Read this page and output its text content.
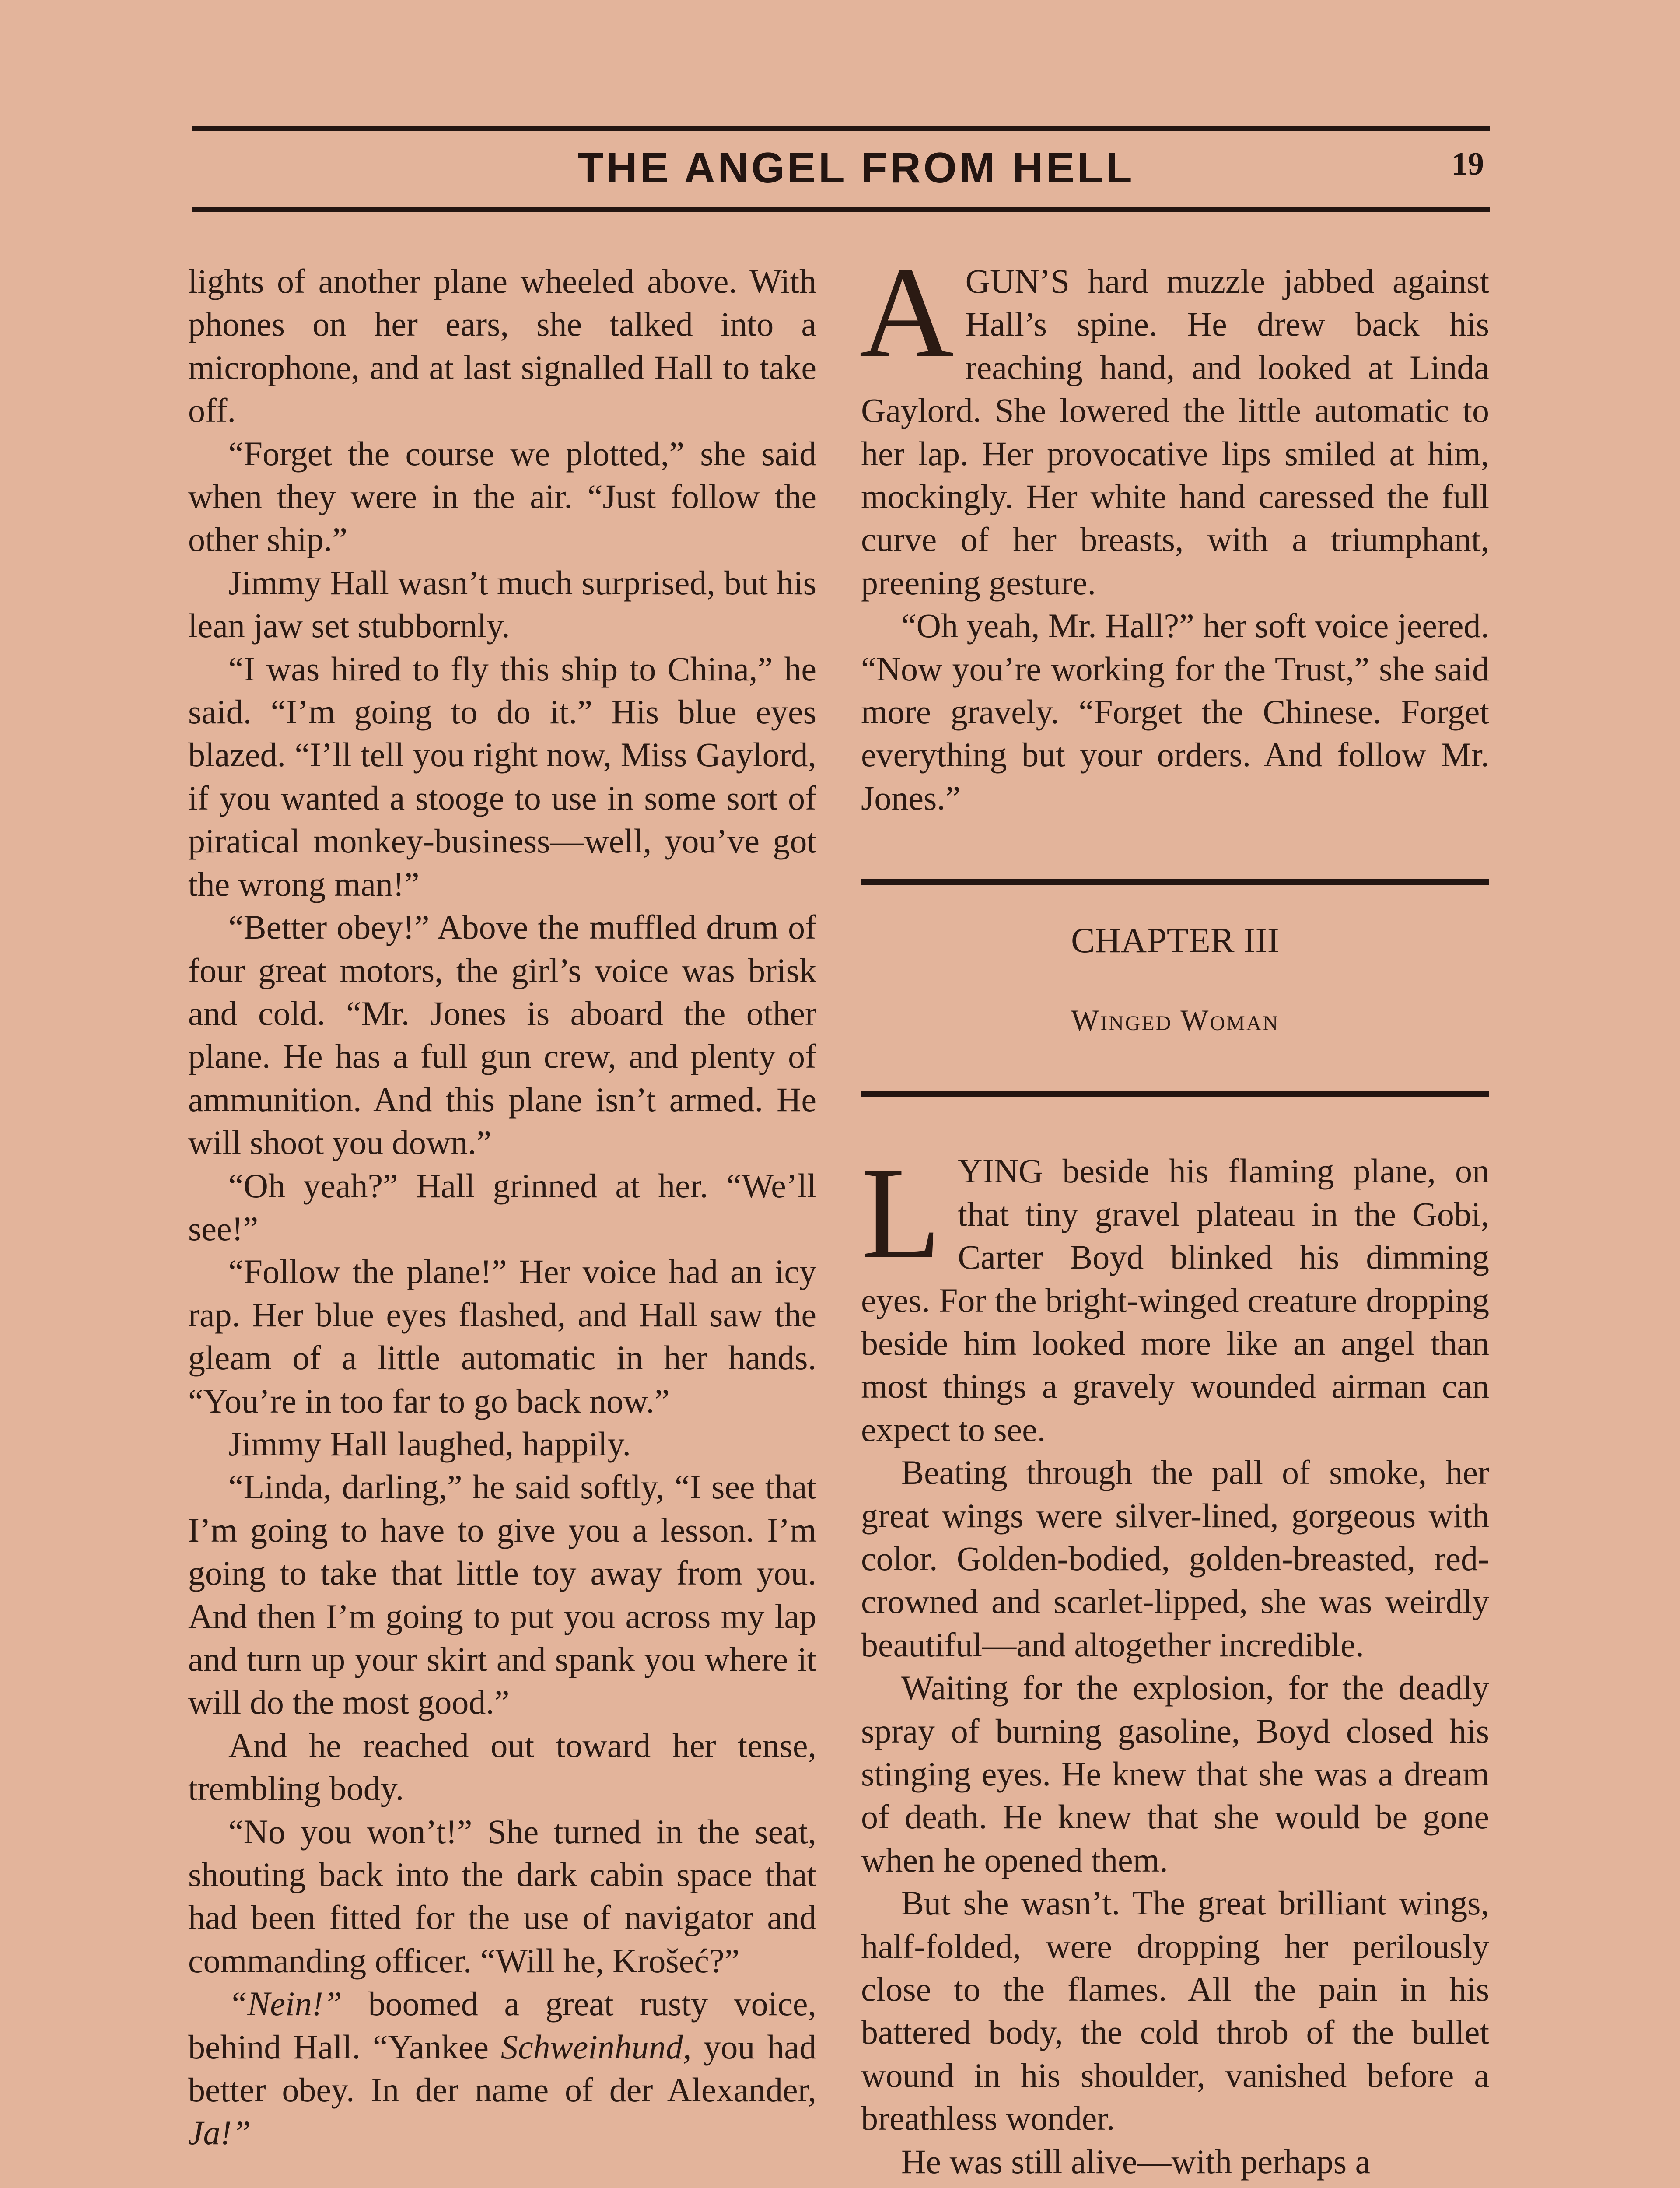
THE ANGEL FROM HELL	19

lights of another plane wheeled above. With phones on her ears, she talked into a microphone, and at last signalled Hall to take off.

“Forget the course we plotted,” she said when they were in the air. “Just follow the other ship.”

Jimmy Hall wasn’t much surprised, but his lean jaw set stubbornly.

“I was hired to fly this ship to China,” he said. “I’m going to do it.” His blue eyes blazed. “I’ll tell you right now, Miss Gaylord, if you wanted a stooge to use in some sort of piratical monkey-business—well, you’ve got the wrong man!”

“Better obey!” Above the muffled drum of four great motors, the girl’s voice was brisk and cold. “Mr. Jones is aboard the other plane. He has a full gun crew, and plenty of ammunition. And this plane isn’t armed. He will shoot you down.”

“Oh yeah?” Hall grinned at her. “We’ll see!”

“Follow the plane!” Her voice had an icy rap. Her blue eyes flashed, and Hall saw the gleam of a little automatic in her hands. “You’re in too far to go back now.”

Jimmy Hall laughed, happily.

“Linda, darling,” he said softly, “I see that I’m going to have to give you a lesson. I’m going to take that little toy away from you. And then I’m going to put you across my lap and turn up your skirt and spank you where it will do the most good.”

And he reached out toward her tense, trembling body.

“No you won’t!” She turned in the seat, shouting back into the dark cabin space that had been fitted for the use of navigator and commanding officer. “Will he, Krošeć?”

“Nein!” boomed a great rusty voice, behind Hall. “Yankee Schweinhund, you had better obey. In der name of der Alexander, Ja!”

AGUN’S hard muzzle jabbed against Hall’s spine. He drew back his reaching hand, and looked at Linda Gaylord. She lowered the little automatic to her lap. Her provocative lips smiled at him, mockingly. Her white hand caressed the full curve of her breasts, with a triumphant, preening gesture.

“Oh yeah, Mr. Hall?” her soft voice jeered. “Now you’re working for the Trust,” she said more gravely. “Forget the Chinese. Forget everything but your orders. And follow Mr. Jones.”

CHAPTER III
Winged Woman

LYING beside his flaming plane, on that tiny gravel plateau in the Gobi, Carter Boyd blinked his dimming eyes. For the bright-winged creature dropping beside him looked more like an angel than most things a gravely wounded airman can expect to see.

Beating through the pall of smoke, her great wings were silver-lined, gorgeous with color. Golden-bodied, golden-breasted, red-crowned and scarlet-lipped, she was weirdly beautiful—and altogether incredible.

Waiting for the explosion, for the deadly spray of burning gasoline, Boyd closed his stinging eyes. He knew that she was a dream of death. He knew that she would be gone when he opened them.

But she wasn’t. The great brilliant wings, half-folded, were dropping her perilously close to the flames. All the pain in his battered body, the cold throb of the bullet wound in his shoulder, vanished before a breathless wonder.

He was still alive—with perhaps a
